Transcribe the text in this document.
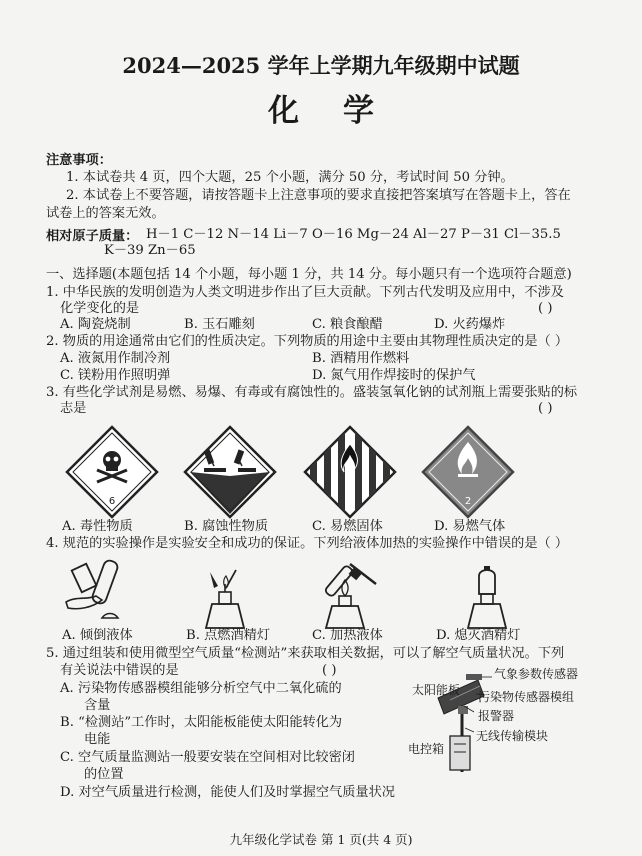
2024—2025 学年上学期九年级期中试题
化学
注意事项：
1. 本试卷共 4 页，四个大题，25 个小题，满分 50 分，考试时间 50 分钟。
2. 本试卷上不要答题，请按答题卡上注意事项的要求直接把答案填写在答题卡上，答在
试卷上的答案无效。
相对原子质量： H－1 C－12 N－14 Li－7 O－16 Mg－24 Al－27 P－31 Cl－35.5
K－39 Zn－65
一、选择题(本题包括 14 个小题，每小题 1 分，共 14 分。每小题只有一个选项符合题意)
1. 中华民族的发明创造为人类文明进步作出了巨大贡献。下列古代发明及应用中，不涉及
化学变化的是	( )
A. 陶瓷烧制	B. 玉石雕刻	C. 粮食酿醋	D. 火药爆炸
2. 物质的用途通常由它们的性质决定。下列物质的用途中主要由其物理性质决定的是（ ）
A. 液氮用作制冷剂	B. 酒精用作燃料
C. 镁粉用作照明弹	D. 氮气用作焊接时的保护气
3. 有些化学试剂是易燃、易爆、有毒或有腐蚀性的。盛装氢氧化钠的试剂瓶上需要张贴的标
志是	( )
6	2
A. 毒性物质	B. 腐蚀性物质	C. 易燃固体	D. 易燃气体
4. 规范的实验操作是实验安全和成功的保证。下列给液体加热的实验操作中错误的是（ ）
A. 倾倒液体	B. 点燃酒精灯	C. 加热液体	D. 熄灭酒精灯
5. 通过组装和使用微型空气质量“检测站”来获取相关数据，可以了解空气质量状况。下列
有关说法中错误的是	( )
A. 污染物传感器模组能够分析空气中二氧化硫的
含量
B. “检测站”工作时，太阳能板能使太阳能转化为
电能
C. 空气质量监测站一般要安装在空间相对比较密闭
的位置
D. 对空气质量进行检测，能使人们及时掌握空气质量状况
气象参数传感器
太阳能板 污染物传感器模组
报警器
无线传输模块
电控箱
九年级化学试卷 第 1 页(共 4 页)
